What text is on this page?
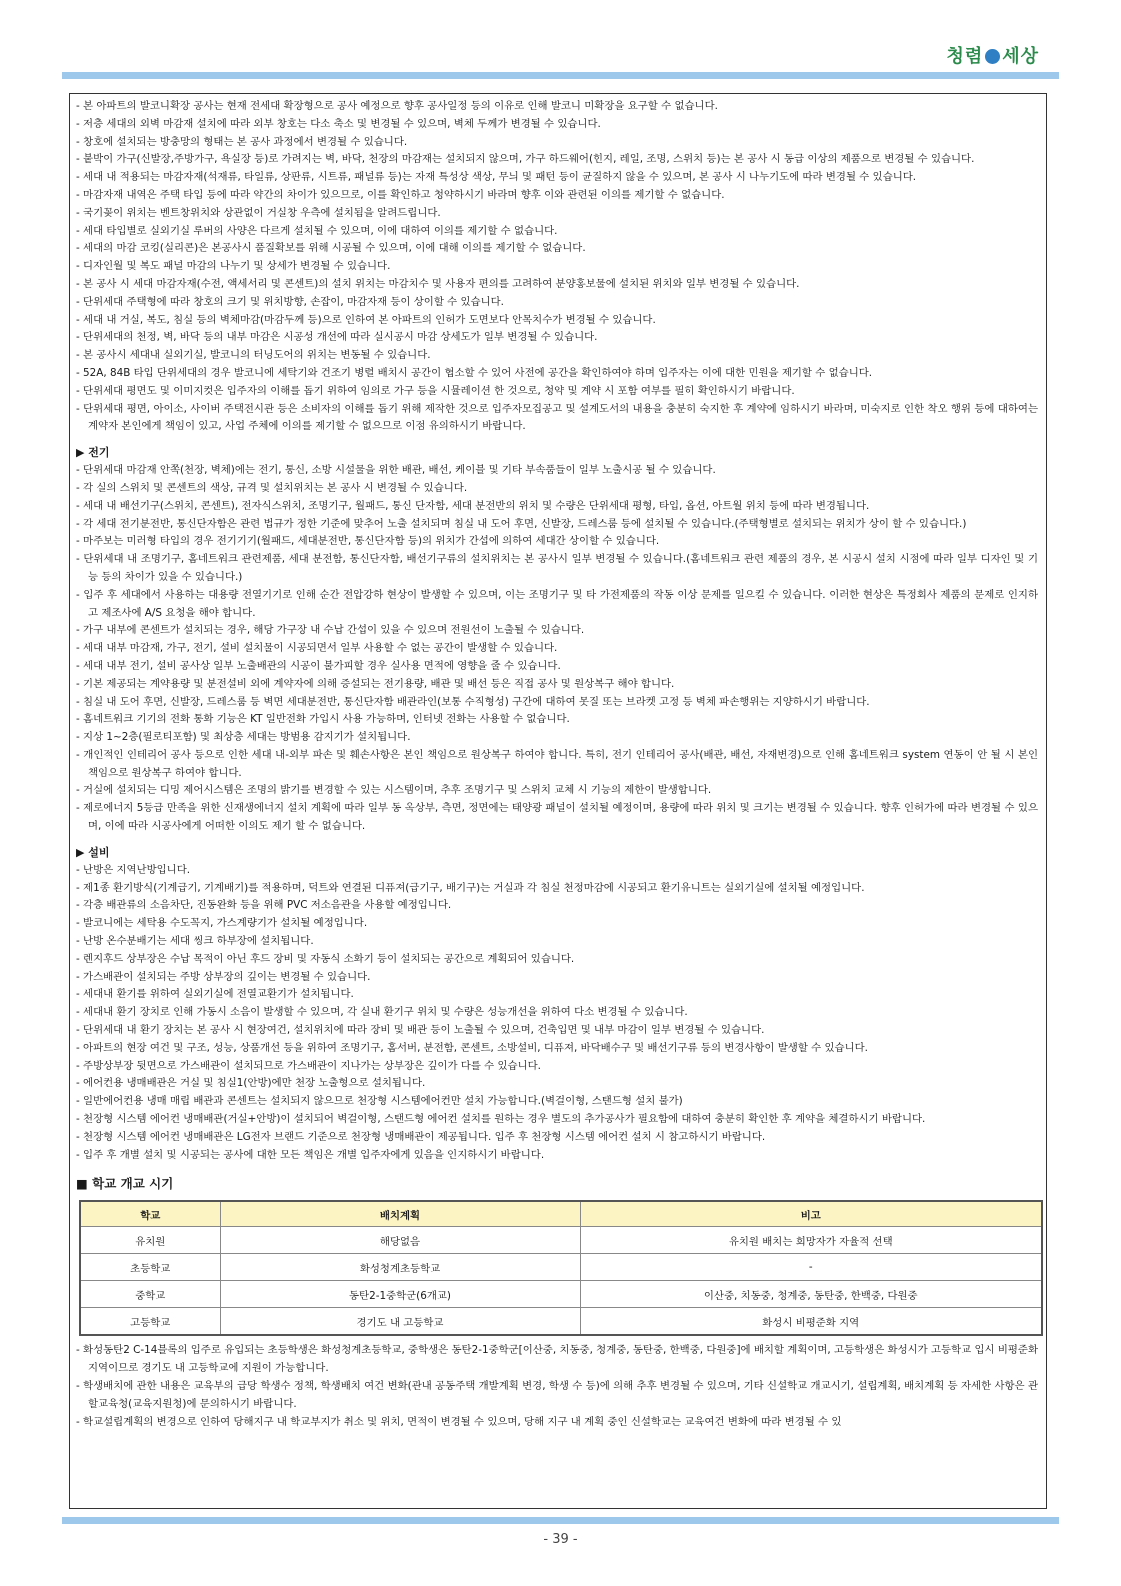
청렴 세상
- 본 아파트의 발코니확장 공사는 현재 전세대 확장형으로 공사 예정으로 향후 공사일정 등의 이유로 인해 발코니 미확장을 요구할 수 없습니다.
- 저층 세대의 외벽 마감재 설치에 따라 외부 창호는 다소 축소 및 변경될 수 있으며, 벽체 두께가 변경될 수 있습니다.
- 창호에 설치되는 방충망의 형태는 본 공사 과정에서 변경될 수 있습니다.
- 붙박이 가구(신발장,주방가구, 욕실장 등)로 가려지는 벽, 바닥, 천장의 마감재는 설치되지 않으며, 가구 하드웨어(힌지, 레일, 조명, 스위치 등)는 본 공사 시 동급 이상의 제품으로 변경될 수 있습니다.
- 세대 내 적용되는 마감자재(석재류, 타일류, 상판류, 시트류, 패널류 등)는 자재 특성상 색상, 무늬 및 패턴 등이 균질하지 않을 수 있으며, 본 공사 시 나누기도에 따라 변경될 수 있습니다.
- 마감자재 내역은 주택 타입 등에 따라 약간의 차이가 있으므로, 이를 확인하고 청약하시기 바라며 향후 이와 관련된 이의를 제기할 수 없습니다.
- 국기꽂이 위치는 벤트창위치와 상관없이 거실창 우측에 설치됨을 알려드립니다.
- 세대 타입별로 실외기실 루버의 사양은 다르게 설치될 수 있으며, 이에 대하여 이의를 제기할 수 없습니다.
- 세대의 마감 코킹(실리콘)은 본공사시 품질확보를 위해 시공될 수 있으며, 이에 대해 이의를 제기할 수 없습니다.
- 디자인월 및 복도 패널 마감의 나누기 및 상세가 변경될 수 있습니다.
- 본 공사 시 세대 마감자재(수전, 액세서리 및 콘센트)의 설치 위치는 마감치수 및 사용자 편의를 고려하여 분양홍보물에 설치된 위치와 일부 변경될 수 있습니다.
- 단위세대 주택형에 따라 창호의 크기 및 위치방향, 손잡이, 마감자재 등이 상이할 수 있습니다.
- 세대 내 거실, 복도, 침실 등의 벽체마감(마감두께 등)으로 인하여 본 아파트의 인허가 도면보다 안목치수가 변경될 수 있습니다.
- 단위세대의 천정, 벽, 바닥 등의 내부 마감은 시공성 개선에 따라 실시공시 마감 상세도가 일부 변경될 수 있습니다.
- 본 공사시 세대내 실외기실, 발코니의 터닝도어의 위치는 변동될 수 있습니다.
- 52A, 84B 타입 단위세대의 경우 발코니에 세탁기와 건조기 병렬 배치시 공간이 협소할 수 있어 사전에 공간을 확인하여야 하며 입주자는 이에 대한 민원을 제기할 수 없습니다.
- 단위세대 평면도 및 이미지컷은 입주자의 이해를 돕기 위하여 임의로 가구 등을 시뮬레이션 한 것으로, 청약 및 계약 시 포함 여부를 필히 확인하시기 바랍니다.
- 단위세대 평면, 아이소, 사이버 주택전시관 등은 소비자의 이해를 돕기 위해 제작한 것으로 입주자모집공고 및 설계도서의 내용을 충분히 숙지한 후 계약에 임하시기 바라며, 미숙지로 인한 착오 행위 등에 대하여는 계약자 본인에게 책임이 있고, 사업 주체에 이의를 제기할 수 없으므로 이점 유의하시기 바랍니다.
▶ 전기
- 단위세대 마감재 안쪽(천장, 벽체)에는 전기, 통신, 소방 시설물을 위한 배관, 배선, 케이블 및 기타 부속품들이 일부 노출시공 될 수 있습니다.
- 각 실의 스위치 및 콘센트의 색상, 규격 및 설치위치는 본 공사 시 변경될 수 있습니다.
- 세대 내 배선기구(스위치, 콘센트), 전자식스위치, 조명기구, 월패드, 통신 단자함, 세대 분전반의 위치 및 수량은 단위세대 평형, 타입, 옵션, 아트월 위치 등에 따라 변경됩니다.
- 각 세대 전기분전반, 통신단자함은 관련 법규가 정한 기준에 맞추어 노출 설치되며 침실 내 도어 후면, 신발장, 드레스룸 등에 설치될 수 있습니다.(주택형별로 설치되는 위치가 상이 할 수 있습니다.)
- 마주보는 미러형 타입의 경우 전기기기(월패드, 세대분전반, 통신단자함 등)의 위치가 간섭에 의하여 세대간 상이할 수 있습니다.
- 단위세대 내 조명기구, 홈네트워크 관련제품, 세대 분전함, 통신단자함, 배선기구류의 설치위치는 본 공사시 일부 변경될 수 있습니다.(홈네트워크 관련 제품의 경우, 본 시공시 설치 시점에 따라 일부 디자인 및 기능 등의 차이가 있을 수 있습니다.)
- 입주 후 세대에서 사용하는 대용량 전열기기로 인해 순간 전압강하 현상이 발생할 수 있으며, 이는 조명기구 및 타 가전제품의 작동 이상 문제를 일으킬 수 있습니다. 이러한 현상은 특정회사 제품의 문제로 인지하고 제조사에 A/S 요청을 해야 합니다.
- 가구 내부에 콘센트가 설치되는 경우, 해당 가구장 내 수납 간섭이 있을 수 있으며 전원선이 노출될 수 있습니다.
- 세대 내부 마감재, 가구, 전기, 설비 설치물이 시공되면서 일부 사용할 수 없는 공간이 발생할 수 있습니다.
- 세대 내부 전기, 설비 공사상 일부 노출배관의 시공이 불가피할 경우 실사용 면적에 영향을 줄 수 있습니다.
- 기본 제공되는 계약용량 및 분전설비 외에 계약자에 의해 증설되는 전기용량, 배관 및 배선 등은 직접 공사 및 원상복구 해야 합니다.
- 침실 내 도어 후면, 신발장, 드레스룸 등 벽면 세대분전반, 통신단자함 배관라인(보통 수직형성) 구간에 대하여 못질 또는 브라켓 고정 등 벽체 파손행위는 지양하시기 바랍니다.
- 홈네트워크 기기의 전화 통화 기능은 KT 일반전화 가입시 사용 가능하며, 인터넷 전화는 사용할 수 없습니다.
- 지상 1~2층(필로티포함) 및 최상층 세대는 방범용 감지기가 설치됩니다.
- 개인적인 인테리어 공사 등으로 인한 세대 내-외부 파손 및 훼손사항은 본인 책임으로 원상복구 하여야 합니다. 특히, 전기 인테리어 공사(배관, 배선, 자재변경)으로 인해 홈네트워크 system 연동이 안 될 시 본인 책임으로 원상복구 하여야 합니다.
- 거실에 설치되는 디밍 제어시스템은 조명의 밝기를 변경할 수 있는 시스템이며, 추후 조명기구 및 스위치 교체 시 기능의 제한이 발생합니다.
- 제로에너지 5등급 만족을 위한 신재생에너지 설치 계획에 따라 일부 동 옥상부, 측면, 정면에는 태양광 패널이 설치될 예정이며, 용량에 따라 위치 및 크기는 변경될 수 있습니다. 향후 인허가에 따라 변경될 수 있으며, 이에 따라 시공사에게 어떠한 이의도 제기 할 수 없습니다.
▶ 설비
- 난방은 지역난방입니다.
- 제1종 환기방식(기계급기, 기계배기)를 적용하며, 덕트와 연결된 디퓨져(급기구, 배기구)는 거실과 각 침실 천정마감에 시공되고 환기유니트는 실외기실에 설치될 예정입니다.
- 각층 배관류의 소음차단, 진동완화 등을 위해 PVC 저소음관을 사용할 예정입니다.
- 발코니에는 세탁용 수도꼭지, 가스계량기가 설치될 예정입니다.
- 난방 온수분배기는 세대 씽크 하부장에 설치됩니다.
- 렌지후드 상부장은 수납 목적이 아닌 후드 장비 및 자동식 소화기 등이 설치되는 공간으로 계획되어 있습니다.
- 가스배관이 설치되는 주방 상부장의 깊이는 변경될 수 있습니다.
- 세대내 환기를 위하여 실외기실에 전열교환기가 설치됩니다.
- 세대내 환기 장치로 인해 가동시 소음이 발생할 수 있으며, 각 실내 환기구 위치 및 수량은 성능개선을 위하여 다소 변경될 수 있습니다.
- 단위세대 내 환기 장치는 본 공사 시 현장여건, 설치위치에 따라 장비 및 배관 등이 노출될 수 있으며, 건축입면 및 내부 마감이 일부 변경될 수 있습니다.
- 아파트의 현장 여건 및 구조, 성능, 상품개선 등을 위하여 조명기구, 홈서버, 분전함, 콘센트, 소방설비, 디퓨져, 바닥배수구 및 배선기구류 등의 변경사항이 발생할 수 있습니다.
- 주방상부장 뒷면으로 가스배관이 설치되므로 가스배관이 지나가는 상부장은 깊이가 다를 수 있습니다.
- 에어컨용 냉매배관은 거실 및 침실1(안방)에만 천장 노출형으로 설치됩니다.
- 일반에어컨용 냉매 매립 배관과 콘센트는 설치되지 않으므로 천장형 시스템에어컨만 설치 가능합니다.(벽걸이형, 스탠드형 설치 불가)
- 천장형 시스템 에어컨 냉매배관(거실+안방)이 설치되어 벽걸이형, 스탠드형 에어컨 설치를 원하는 경우 별도의 추가공사가 필요함에 대하여 충분히 확인한 후 계약을 체결하시기 바랍니다.
- 천장형 시스템 에어컨 냉매배관은 LG전자 브랜드 기준으로 천장형 냉매배관이 제공됩니다. 입주 후 천장형 시스템 에어컨 설치 시 참고하시기 바랍니다.
- 입주 후 개별 설치 및 시공되는 공사에 대한 모든 책임은 개별 입주자에게 있음을 인지하시기 바랍니다.
■ 학교 개교 시기
학교	배치계획	비고
유치원	해당없음	유치원 배치는 희망자가 자율적 선택
초등학교	화성청계초등학교	-
중학교	동탄2-1중학군(6개교)	이산중, 치동중, 청계중, 동탄중, 한백중, 다원중
고등학교	경기도 내 고등학교	화성시 비평준화 지역
- 화성동탄2 C-14블록의 입주로 유입되는 초등학생은 화성청계초등학교, 중학생은 동탄2-1중학군[이산중, 치동중, 청계중, 동탄중, 한백중, 다원중]에 배치할 계획이며, 고등학생은 화성시가 고등학교 입시 비평준화 지역이므로 경기도 내 고등학교에 지원이 가능합니다.
- 학생배치에 관한 내용은 교육부의 급당 학생수 정책, 학생배치 여건 변화(관내 공동주택 개발계획 변경, 학생 수 등)에 의해 추후 변경될 수 있으며, 기타 신설학교 개교시기, 설립계획, 배치계획 등 자세한 사항은 관할교육청(교육지원청)에 문의하시기 바랍니다.
- 학교설립계획의 변경으로 인하여 당해지구 내 학교부지가 취소 및 위치, 면적이 변경될 수 있으며, 당해 지구 내 계획 중인 신설학교는 교육여건 변화에 따라 변경될 수 있
- 39 -
